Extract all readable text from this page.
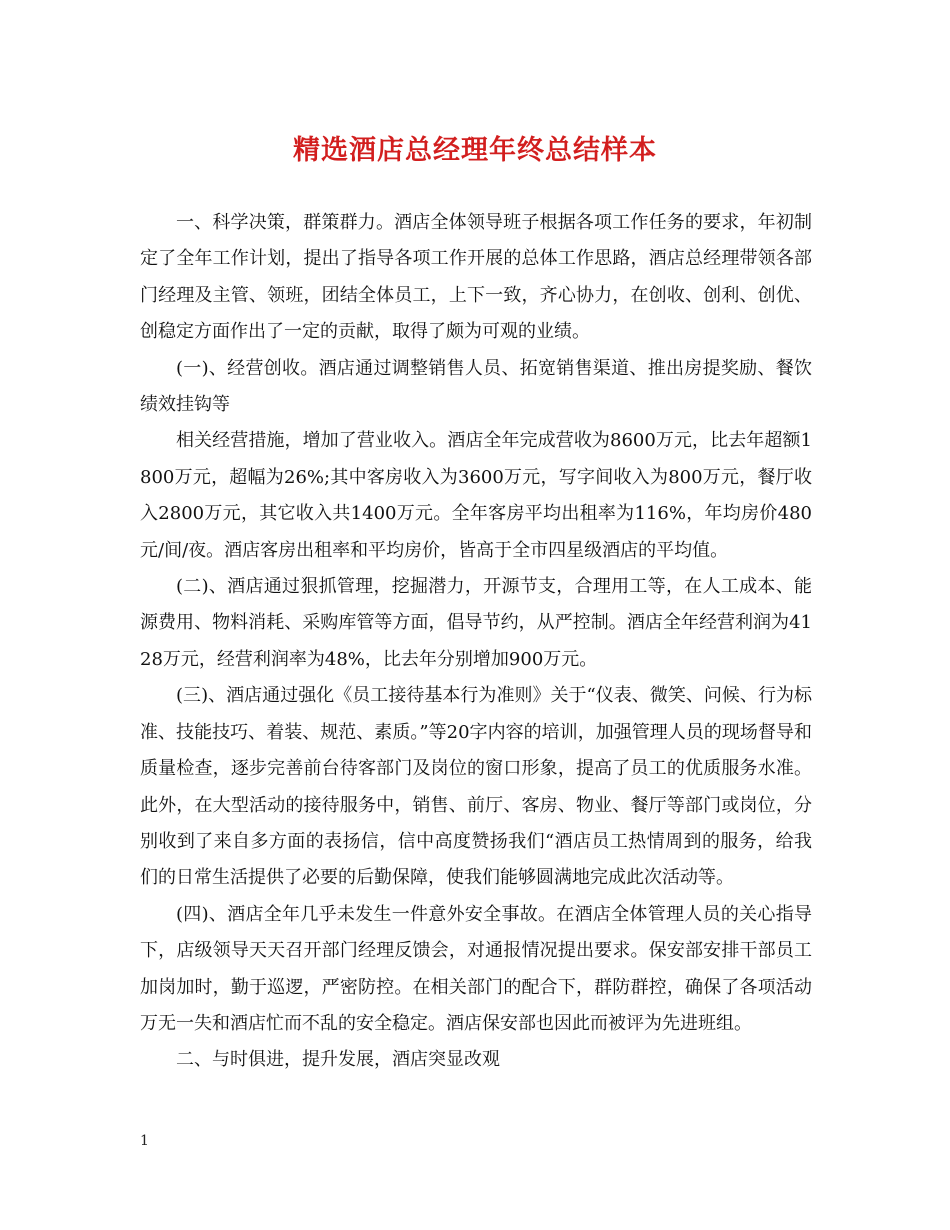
精选酒店总经理年终总结样本

一、科学决策，群策群力。酒店全体领导班子根据各项工作任务的要求，年初制定了全年工作计划，提出了指导各项工作开展的总体工作思路，酒店总经理带领各部门经理及主管、领班，团结全体员工，上下一致，齐心协力，在创收、创利、创优、创稳定方面作出了一定的贡献，取得了颇为可观的业绩。

(一)、经营创收。酒店通过调整销售人员、拓宽销售渠道、推出房提奖励、餐饮绩效挂钩等

相关经营措施，增加了营业收入。酒店全年完成营收为8600万元，比去年超额1800万元，超幅为26%;其中客房收入为3600万元，写字间收入为800万元，餐厅收入2800万元，其它收入共1400万元。全年客房平均出租率为116%，年均房价480元/间/夜。酒店客房出租率和平均房价，皆高于全市四星级酒店的平均值。

(二)、酒店通过狠抓管理，挖掘潜力，开源节支，合理用工等，在人工成本、能源费用、物料消耗、采购库管等方面，倡导节约，从严控制。酒店全年经营利润为4128万元，经营利润率为48%，比去年分别增加900万元。

(三)、酒店通过强化《员工接待基本行为准则》关于“仪表、微笑、问候、行为标准、技能技巧、着装、规范、素质。”等20字内容的培训，加强管理人员的现场督导和质量检查，逐步完善前台待客部门及岗位的窗口形象，提高了员工的优质服务水准。此外，在大型活动的接待服务中，销售、前厅、客房、物业、餐厅等部门或岗位，分别收到了来自多方面的表扬信，信中高度赞扬我们“酒店员工热情周到的服务，给我们的日常生活提供了必要的后勤保障，使我们能够圆满地完成此次活动等。

(四)、酒店全年几乎未发生一件意外安全事故。在酒店全体管理人员的关心指导下，店级领导天天召开部门经理反馈会，对通报情况提出要求。保安部安排干部员工加岗加时，勤于巡逻，严密防控。在相关部门的配合下，群防群控，确保了各项活动万无一失和酒店忙而不乱的安全稳定。酒店保安部也因此而被评为先进班组。

二、与时俱进，提升发展，酒店突显改观

1
